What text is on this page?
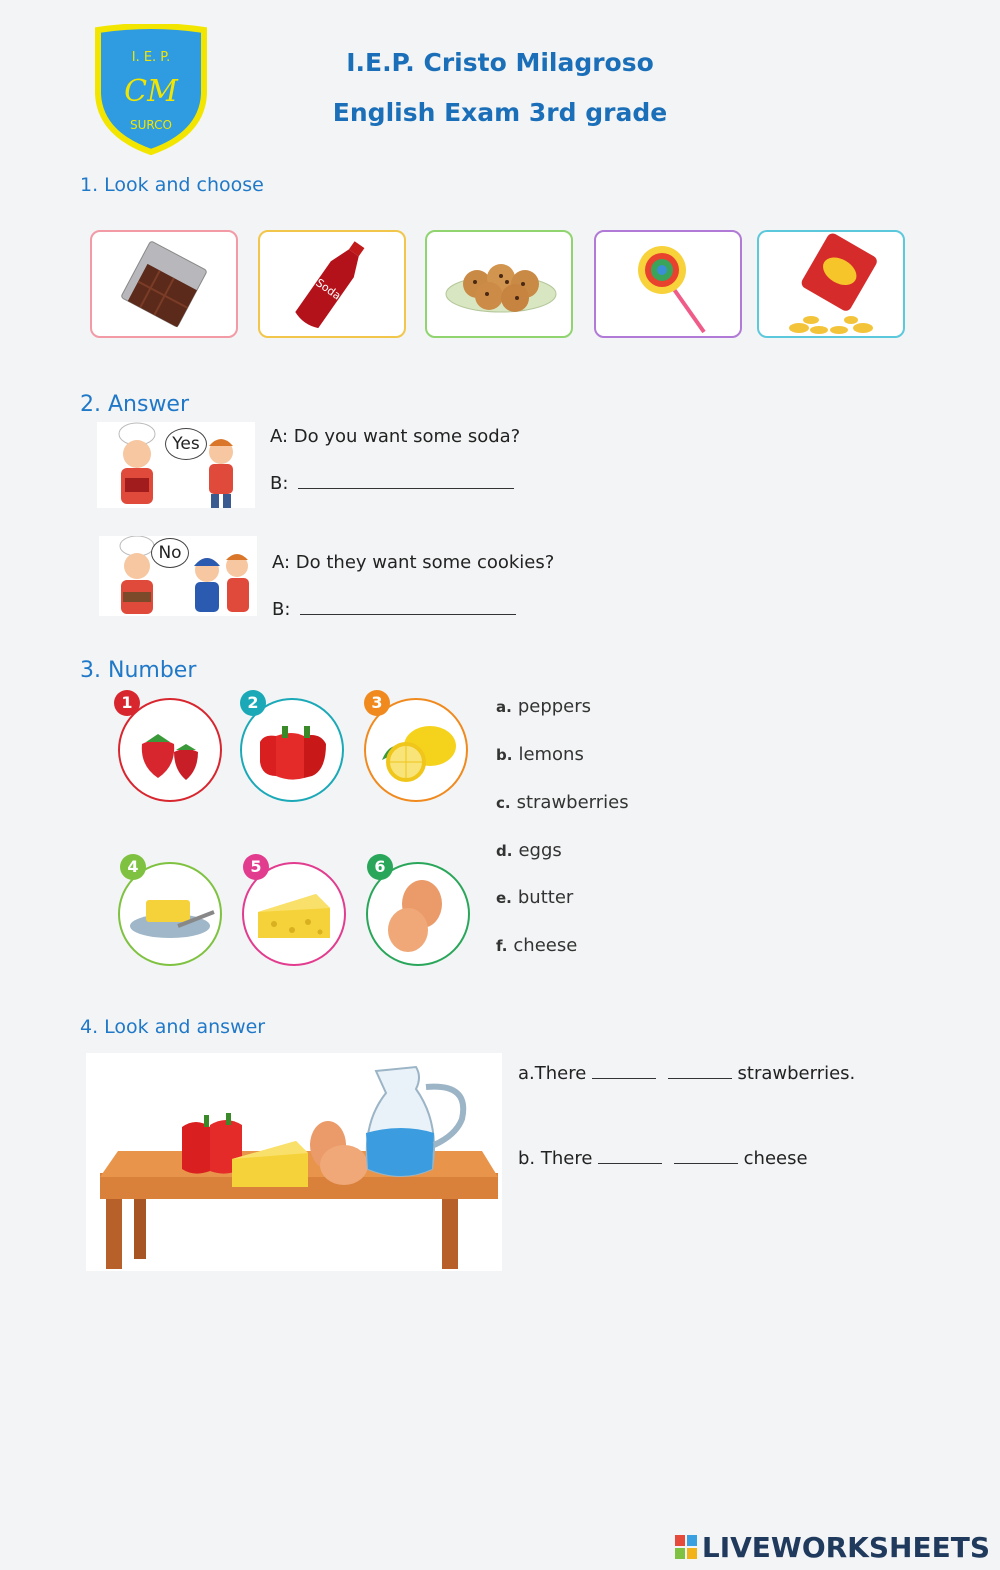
I. E. P.
CM
SURCO
I.E.P. Cristo Milagroso
English Exam 3rd grade
1. Look and choose
Soda
2. Answer
Yes	A: Do you want some soda?
B:
No	A: Do they want some cookies?
B:
3. Number
1	2	3
4	5	6
a. peppers
b. lemons
c. strawberries
d. eggs
e. butter
f. cheese
4. Look and answer
a.There	strawberries.
b. There	cheese
LIVEWORKSHEETS
